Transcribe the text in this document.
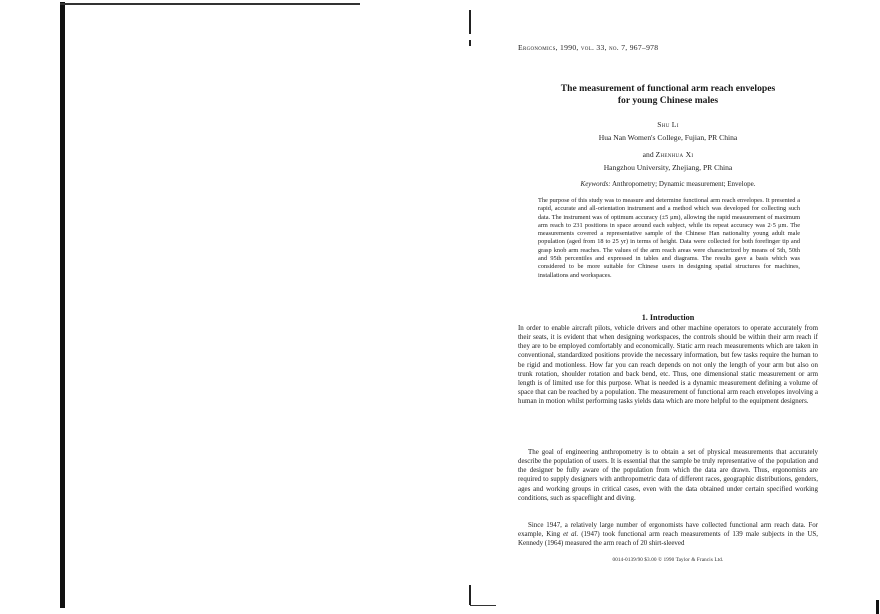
Ergonomics, 1990, vol. 33, no. 7, 967–978
The measurement of functional arm reach envelopes
for young Chinese males
Shu Li
Hua Nan Women's College, Fujian, PR China
and Zhenhua Xi
Hangzhou University, Zhejiang, PR China
Keywords: Anthropometry; Dynamic measurement; Envelope.

The purpose of this study was to measure and determine functional arm reach envelopes. It presented a rapid, accurate and all-orientation instrument and a method which was developed for collecting such data. The instrument was of optimum accuracy (±5 μm), allowing the rapid measurement of maximum arm reach to 231 positions in space around each subject, while its repeat accuracy was 2·5 μm. The measurements covered a representative sample of the Chinese Han nationality young adult male population (aged from 18 to 25 yr) in terms of height. Data were collected for both forefinger tip and grasp knob arm reaches. The values of the arm reach areas were characterized by means of 5th, 50th and 95th percentiles and expressed in tables and diagrams. The results gave a basis which was considered to be more suitable for Chinese users in designing spatial structures for machines, installations and workspaces.

1. Introduction

In order to enable aircraft pilots, vehicle drivers and other machine operators to operate accurately from their seats, it is evident that when designing workspaces, the controls should be within their arm reach if they are to be employed comfortably and economically. Static arm reach measurements which are taken in conventional, standardized positions provide the necessary information, but few tasks require the human to be rigid and motionless. How far you can reach depends on not only the length of your arm but also on trunk rotation, shoulder rotation and back bend, etc. Thus, one dimensional static measurement or arm length is of limited use for this purpose. What is needed is a dynamic measurement defining a volume of space that can be reached by a population. The measurement of functional arm reach envelopes involving a human in motion whilst performing tasks yields data which are more helpful to the equipment designers.

The goal of engineering anthropometry is to obtain a set of physical measurements that accurately describe the population of users. It is essential that the sample be truly representative of the population and the designer be fully aware of the population from which the data are drawn. Thus, ergonomists are required to supply designers with anthropometric data of different races, geographic distributions, genders, ages and working groups in critical cases, even with the data obtained under certain specified working conditions, such as spaceflight and diving.

Since 1947, a relatively large number of ergonomists have collected functional arm reach data. For example, King et al. (1947) took functional arm reach measurements of 139 male subjects in the US, Kennedy (1964) measured the arm reach of 20 shirt-sleeved

0014-0139/90 $3.00 © 1990 Taylor & Francis Ltd.
